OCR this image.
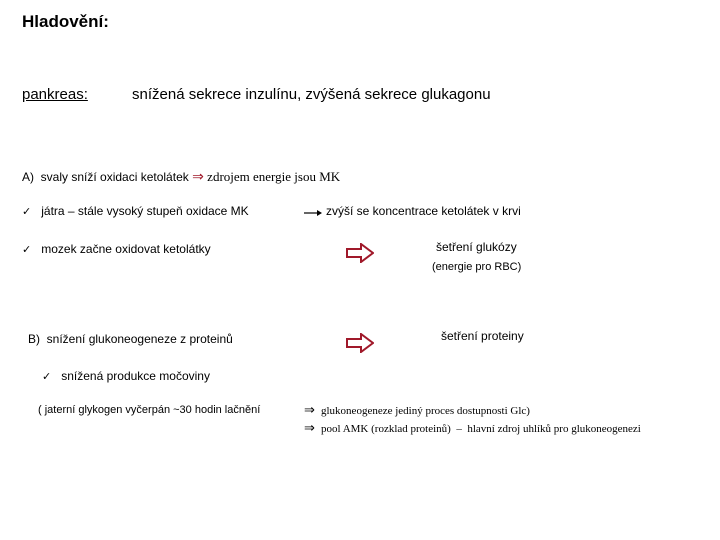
Hladovění:
pankreas:	snížená sekrece inzulínu, zvýšená sekrece glukagonu
A) svaly sníží oxidaci ketolátek ⇒ zdrojem energie jsou MK
✓ játra – stále vysoký stupeň oxidace MK	zvýší se koncentrace ketolátek v krvi
✓ mozek začne oxidovat ketolátky	šetření glukózy
(energie pro RBC)
B) snížení glukoneogeneze z proteinů	šetření proteiny
✓ snížená produkce močoviny
( jaterní glykogen vyčerpán ~30 hodin lačnění	⇒ glukoneogeneze jediný proces dostupnosti Glc)
⇒ pool AMK (rozklad proteinů) – hlavní zdroj uhlíků pro glukoneogenezi
